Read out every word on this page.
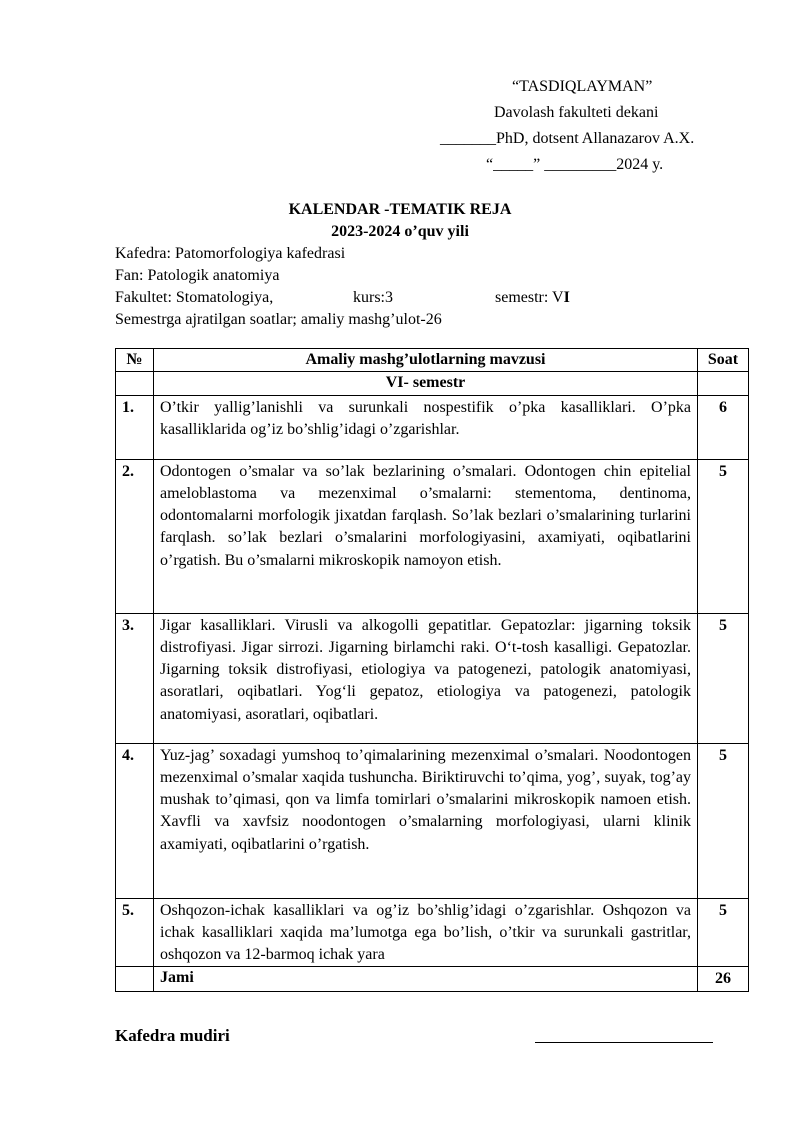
“TASDIQLAYMAN”
Davolash fakulteti dekani
_______PhD, dotsent Allanazarov A.X.
“_____” _________2024 y.
KALENDAR -TEMATIK REJA
2023-2024 o’quv yili
Kafedra: Patomorfologiya kafedrasi
Fan: Patologik anatomiya
Fakultet: Stomatologiya,	kurs:3	semestr: VI
Semestrga ajratilgan soatlar; amaliy mashg’ulot-26
№	Amaliy mashg’ulotlarning mavzusi	Soat
	VI- semestr	
1.	O’tkir yallig’lanishli va surunkali nospestifik o’pka kasalliklari. O’pka kasalliklarida og’iz bo’shlig’idagi o’zgarishlar.	6
2.	Odontogen o’smalar va so’lak bezlarining o’smalari. Odontogen chin epitelial ameloblastoma va mezenximal o’smalarni: stementoma, dentinoma, odontomalarni morfologik jixatdan farqlash. So’lak bezlari o’smalarining turlarini farqlash. so’lak bezlari o’smalarini morfologiyasini, axamiyati, oqibatlarini o’rgatish. Bu o’smalarni mikroskopik namoyon etish.	5
3.	Jigar kasalliklari. Virusli va alkogolli gepatitlar. Gepatozlar: jigarning toksik distrofiyasi. Jigar sirrozi. Jigarning birlamchi raki. O‘t-tosh kasalligi. Gepatozlar. Jigarning toksik distrofiyasi, etiologiya va patogenezi, patologik anatomiyasi, asoratlari, oqibatlari. Yog‘li gepatoz, etiologiya va patogenezi, patologik anatomiyasi, asoratlari, oqibatlari.	5
4.	Yuz-jag’ soxadagi yumshoq to’qimalarining mezenximal o’smalari. Noodontogen mezenximal o’smalar xaqida tushuncha. Biriktiruvchi to’qima, yog’, suyak, tog’ay mushak to’qimasi, qon va limfa tomirlari o’smalarini mikroskopik namoen etish. Xavfli va xavfsiz noodontogen o’smalarning morfologiyasi, ularni klinik axamiyati, oqibatlarini o’rgatish.	5
5.	Oshqozon-ichak kasalliklari va og’iz bo’shlig’idagi o’zgarishlar. Oshqozon va ichak kasalliklari xaqida ma’lumotga ega bo’lish, o’tkir va surunkali gastritlar, oshqozon va 12-barmoq ichak yara	5
	Jami	26
Kafedra mudiri
